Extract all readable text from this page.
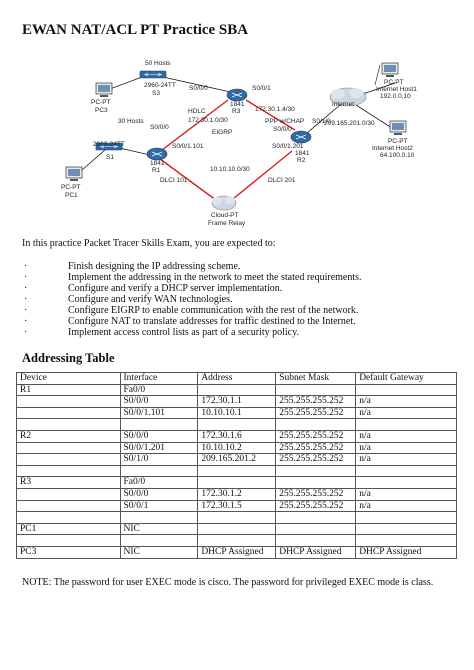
EWAN NAT/ACL PT Practice SBA
PC-PT
PC3
50 Hosts
2960-24TT
S3
S0/0/0
1841
R3
S0/0/1
HDLC
172.30.1.0/30
EIGRP
PPP w/CHAP
172.30.1.4/30
30 Hosts
2960-24TT
S1
PC-PT
PC1
S0/0/0
1841
R1
S0/0/1.101
10.10.10.0/30
DLCI 101	DLCI 201
Cloud-PT
Frame Relay
S0/0/1.201
S0/0/0
1841
R2
S0/1/0
209.165.201.0/30
Internet
PC-PT
Internet Host1
192.0.0.10
PC-PT
Internet Host2
64.100.0.10
In this practice Packet Tracer Skills Exam, you are expected to:
·	Finish designing the IP addressing scheme.
·	Implement the addressing in the network to meet the stated requirements.
·	Configure and verify a DHCP server implementation.
·	Configure and verify WAN technologies.
·	Configure EIGRP to enable communication with the rest of the network.
·	Configure NAT to translate addresses for traffic destined to the Internet.
·	Implement access control lists as part of a security policy.
Addressing Table
Device	Interface	Address	Subnet Mask	Default Gateway
R1	Fa0/0			
	S0/0/0	172.30.1.1	255.255.255.252	n/a
	S0/0/1.101	10.10.10.1	255.255.255.252	n/a

R2	S0/0/0	172.30.1.6	255.255.255.252	n/a
	S0/0/1.201	10.10.10.2	255.255.255.252	n/a
	S0/1/0	209.165.201.2	255.255.255.252	n/a

R3	Fa0/0			
	S0/0/0	172.30.1.2	255.255.255.252	n/a
	S0/0/1	172.30.1.5	255.255.255.252	n/a

PC1	NIC			

PC3	NIC	DHCP Assigned	DHCP Assigned	DHCP Assigned
NOTE: The password for user EXEC mode is cisco. The password for privileged EXEC mode is class.
